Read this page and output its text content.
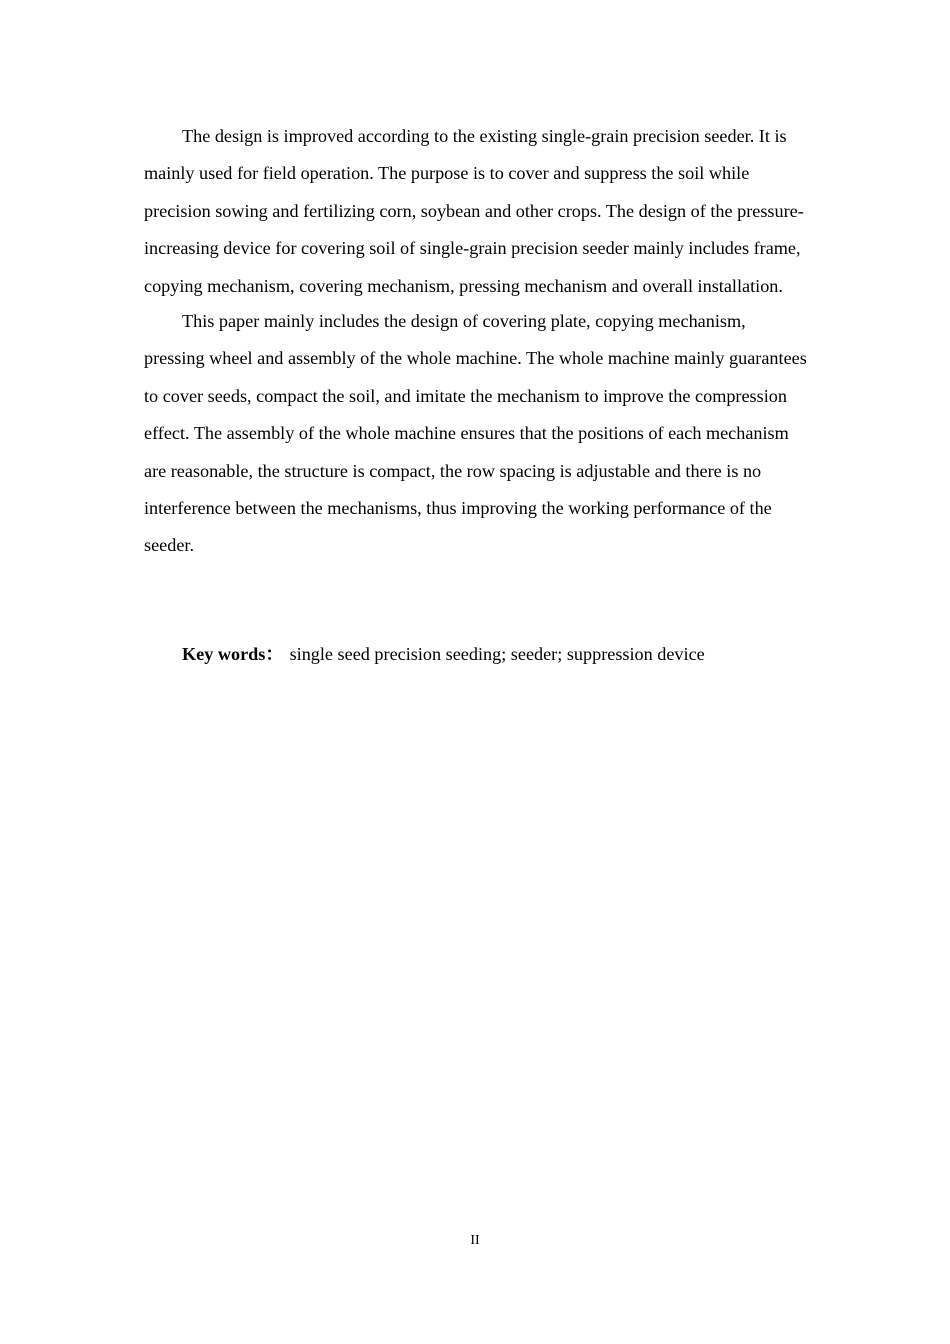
The design is improved according to the existing single-grain precision seeder. It is mainly used for field operation. The purpose is to cover and suppress the soil while precision sowing and fertilizing corn, soybean and other crops. The design of the pressure-increasing device for covering soil of single-grain precision seeder mainly includes frame, copying mechanism, covering mechanism, pressing mechanism and overall installation.

This paper mainly includes the design of covering plate, copying mechanism, pressing wheel and assembly of the whole machine. The whole machine mainly guarantees to cover seeds, compact the soil, and imitate the mechanism to improve the compression effect. The assembly of the whole machine ensures that the positions of each mechanism are reasonable, the structure is compact, the row spacing is adjustable and there is no interference between the mechanisms, thus improving the working performance of the seeder.

Key words： single seed precision seeding; seeder; suppression device
II
